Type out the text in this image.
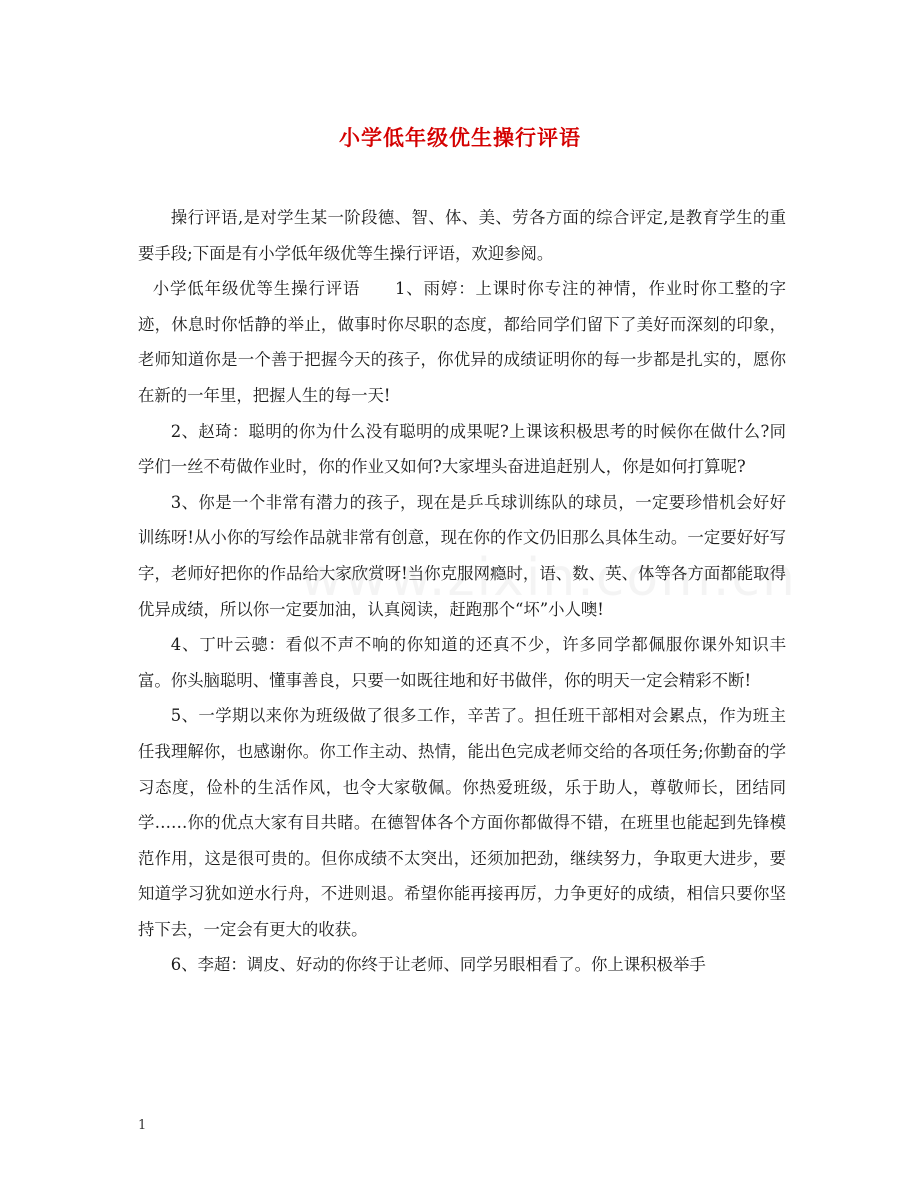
小学低年级优生操行评语

操行评语,是对学生某一阶段德、智、体、美、劳各方面的综合评定,是教育学生的重要手段;下面是有小学低年级优等生操行评语，欢迎参阅。

小学低年级优等生操行评语　　1、雨婷：上课时你专注的神情，作业时你工整的字迹，休息时你恬静的举止，做事时你尽职的态度，都给同学们留下了美好而深刻的印象，老师知道你是一个善于把握今天的孩子，你优异的成绩证明你的每一步都是扎实的，愿你在新的一年里，把握人生的每一天!

2、赵琦：聪明的你为什么没有聪明的成果呢?上课该积极思考的时候你在做什么?同学们一丝不苟做作业时，你的作业又如何?大家埋头奋进追赶别人，你是如何打算呢?

3、你是一个非常有潜力的孩子，现在是乒乓球训练队的球员，一定要珍惜机会好好训练呀!从小你的写绘作品就非常有创意，现在你的作文仍旧那么具体生动。一定要好好写字，老师好把你的作品给大家欣赏呀!当你克服网瘾时，语、数、英、体等各方面都能取得优异成绩，所以你一定要加油，认真阅读，赶跑那个“坏”小人噢!

4、丁叶云骢：看似不声不响的你知道的还真不少，许多同学都佩服你课外知识丰富。你头脑聪明、懂事善良，只要一如既往地和好书做伴，你的明天一定会精彩不断!

5、一学期以来你为班级做了很多工作，辛苦了。担任班干部相对会累点，作为班主任我理解你，也感谢你。你工作主动、热情，能出色完成老师交给的各项任务;你勤奋的学习态度，俭朴的生活作风，也令大家敬佩。你热爱班级，乐于助人，尊敬师长，团结同学……你的优点大家有目共睹。在德智体各个方面你都做得不错，在班里也能起到先锋模范作用，这是很可贵的。但你成绩不太突出，还须加把劲，继续努力，争取更大进步，要知道学习犹如逆水行舟，不进则退。希望你能再接再厉，力争更好的成绩，相信只要你坚持下去，一定会有更大的收获。

6、李超：调皮、好动的你终于让老师、同学另眼相看了。你上课积极举手

1
